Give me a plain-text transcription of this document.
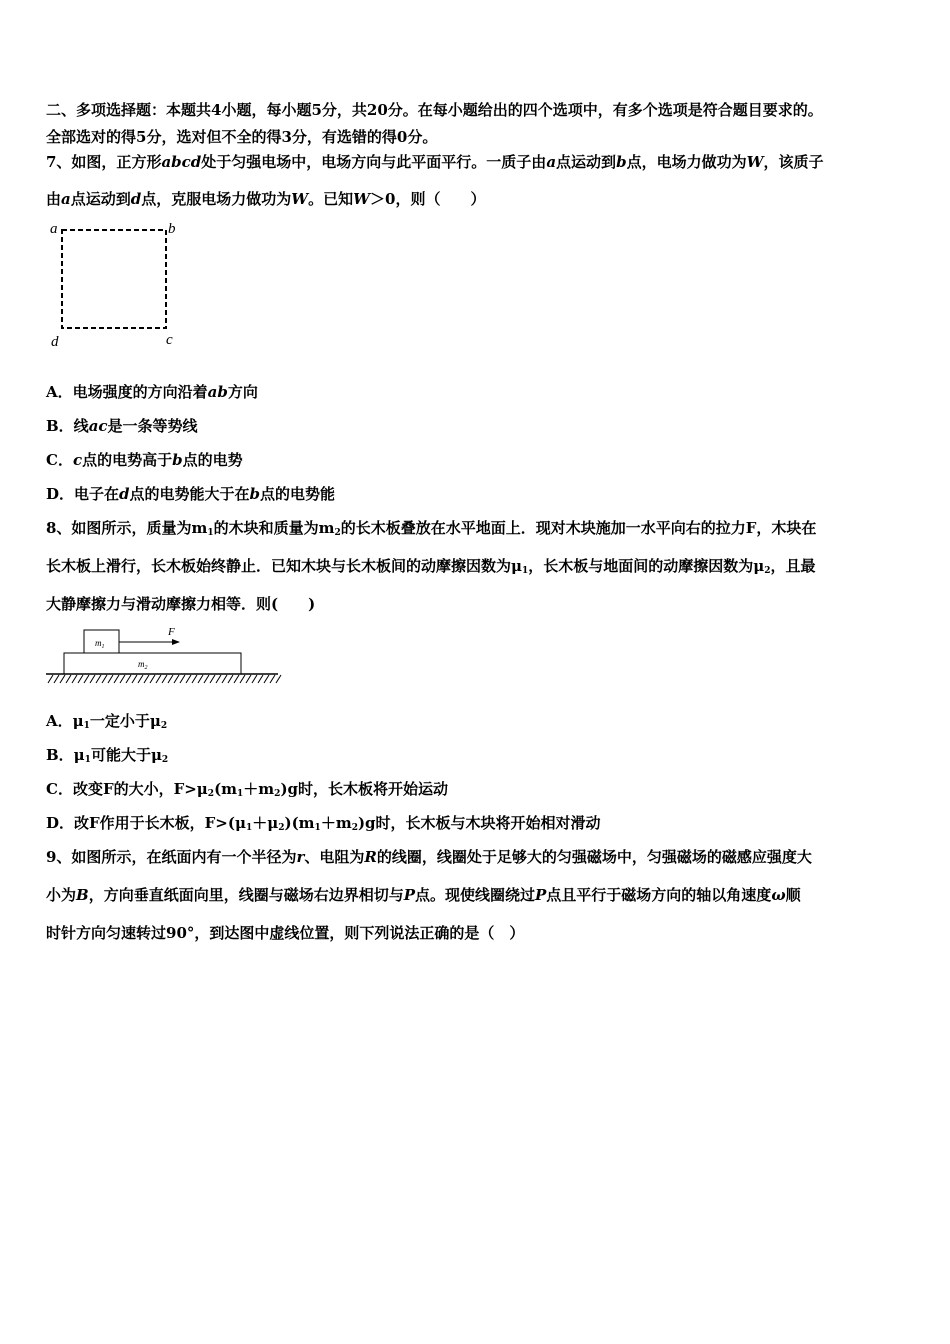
二、多项选择题：本题共4小题，每小题5分，共20分。在每小题给出的四个选项中，有多个选项是符合题目要求的。
全部选对的得5分，选对但不全的得3分，有选错的得0分。
7、如图，正方形abcd处于匀强电场中，电场方向与此平面平行。一质子由a点运动到b点，电场力做功为W，该质子
由a点运动到d点，克服电场力做功为W。已知W＞0，则（　　）
a	b
c
d
A．电场强度的方向沿着ab方向
B．线ac是一条等势线
C．c点的电势高于b点的电势
D．电子在d点的电势能大于在b点的电势能
8、如图所示，质量为$m_1$的木块和质量为$m_2$的长木板叠放在水平地面上．现对木块施加一水平向右的拉力F，木块在
长木板上滑行，长木板始终静止．已知木块与长木板间的动摩擦因数为$\mu_1$，长木板与地面间的动摩擦因数为$\mu_2$，且最
大静摩擦力与滑动摩擦力相等．则(　　)
$m_1$
F
$m_2$
A．$\mu_1$一定小于$\mu_2$
B．$\mu_1$可能大于$\mu_2$
C．改变F的大小，$F>\mu_2(m_1+m_2)g$时，长木板将开始运动
D．改F作用于长木板，$F>(\mu_1+\mu_2)(m_1+m_2)g$时，长木板与木块将开始相对滑动
9、如图所示，在纸面内有一个半径为r、电阻为R的线圈，线圈处于足够大的匀强磁场中，匀强磁场的磁感应强度大
小为B，方向垂直纸面向里，线圈与磁场右边界相切与P点。现使线圈绕过P点且平行于磁场方向的轴以角速度ω顺
时针方向匀速转过90°，到达图中虚线位置，则下列说法正确的是（　）
